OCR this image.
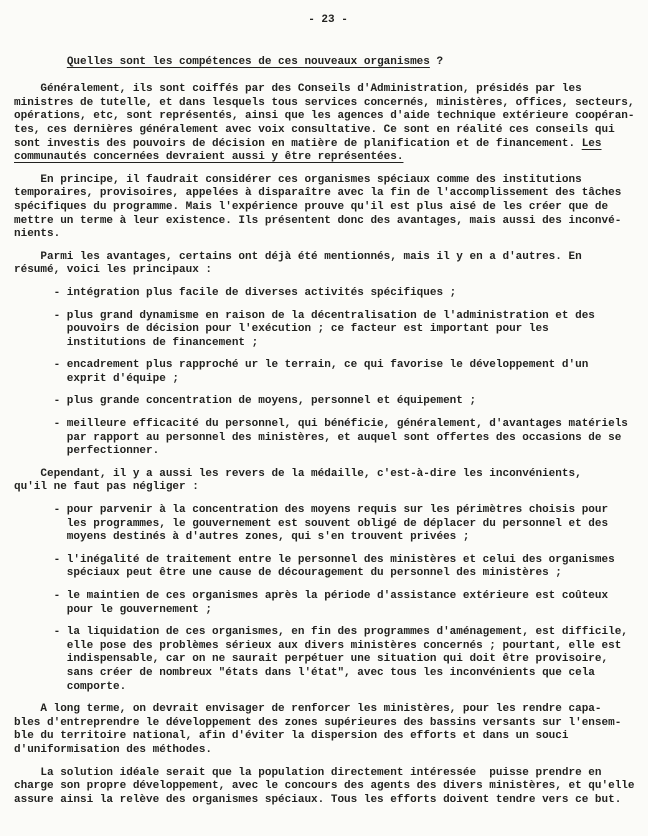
- 23 -
Quelles sont les compétences de ces nouveaux organismes ?
Généralement, ils sont coiffés par des Conseils d'Administration, présidés par les
ministres de tutelle, et dans lesquels tous services concernés, ministères, offices, secteurs,
opérations, etc, sont représentés, ainsi que les agences d'aide technique extérieure coopéran-
tes, ces dernières généralement avec voix consultative. Ce sont en réalité ces conseils qui
sont investis des pouvoirs de décision en matière de planification et de financement. Les
communautés concernées devraient aussi y être représentées.
En principe, il faudrait considérer ces organismes spéciaux comme des institutions
temporaires, provisoires, appelées à disparaître avec la fin de l'accomplissement des tâches
spécifiques du programme. Mais l'expérience prouve qu'il est plus aisé de les créer que de
mettre un terme à leur existence. Ils présentent donc des avantages, mais aussi des inconvé-
nients.
Parmi les avantages, certains ont déjà été mentionnés, mais il y en a d'autres. En
résumé, voici les principaux :
- intégration plus facile de diverses activités spécifiques ;
- plus grand dynamisme en raison de la décentralisation de l'administration et des
pouvoirs de décision pour l'exécution ; ce facteur est important pour les
institutions de financement ;
- encadrement plus rapproché ur le terrain, ce qui favorise le développement d'un
exprit d'équipe ;
- plus grande concentration de moyens, personnel et équipement ;
- meilleure efficacité du personnel, qui bénéficie, généralement, d'avantages matériels
par rapport au personnel des ministères, et auquel sont offertes des occasions de se
perfectionner.
Cependant, il y a aussi les revers de la médaille, c'est-à-dire les inconvénients,
qu'il ne faut pas négliger :
- pour parvenir à la concentration des moyens requis sur les périmètres choisis pour
les programmes, le gouvernement est souvent obligé de déplacer du personnel et des
moyens destinés à d'autres zones, qui s'en trouvent privées ;
- l'inégalité de traitement entre le personnel des ministères et celui des organismes
spéciaux peut être une cause de découragement du personnel des ministères ;
- le maintien de ces organismes après la période d'assistance extérieure est coûteux
pour le gouvernement ;
- la liquidation de ces organismes, en fin des programmes d'aménagement, est difficile,
elle pose des problèmes sérieux aux divers ministères concernés ; pourtant, elle est
indispensable, car on ne saurait perpétuer une situation qui doit être provisoire,
sans créer de nombreux "états dans l'état", avec tous les inconvénients que cela
comporte.
A long terme, on devrait envisager de renforcer les ministères, pour les rendre capa-
bles d'entreprendre le développement des zones supérieures des bassins versants sur l'ensem-
ble du territoire national, afin d'éviter la dispersion des efforts et dans un souci
d'uniformisation des méthodes.
La solution idéale serait que la population directement intéressée  puisse prendre en
charge son propre développement, avec le concours des agents des divers ministères, et qu'elle
assure ainsi la relève des organismes spéciaux. Tous les efforts doivent tendre vers ce but.
